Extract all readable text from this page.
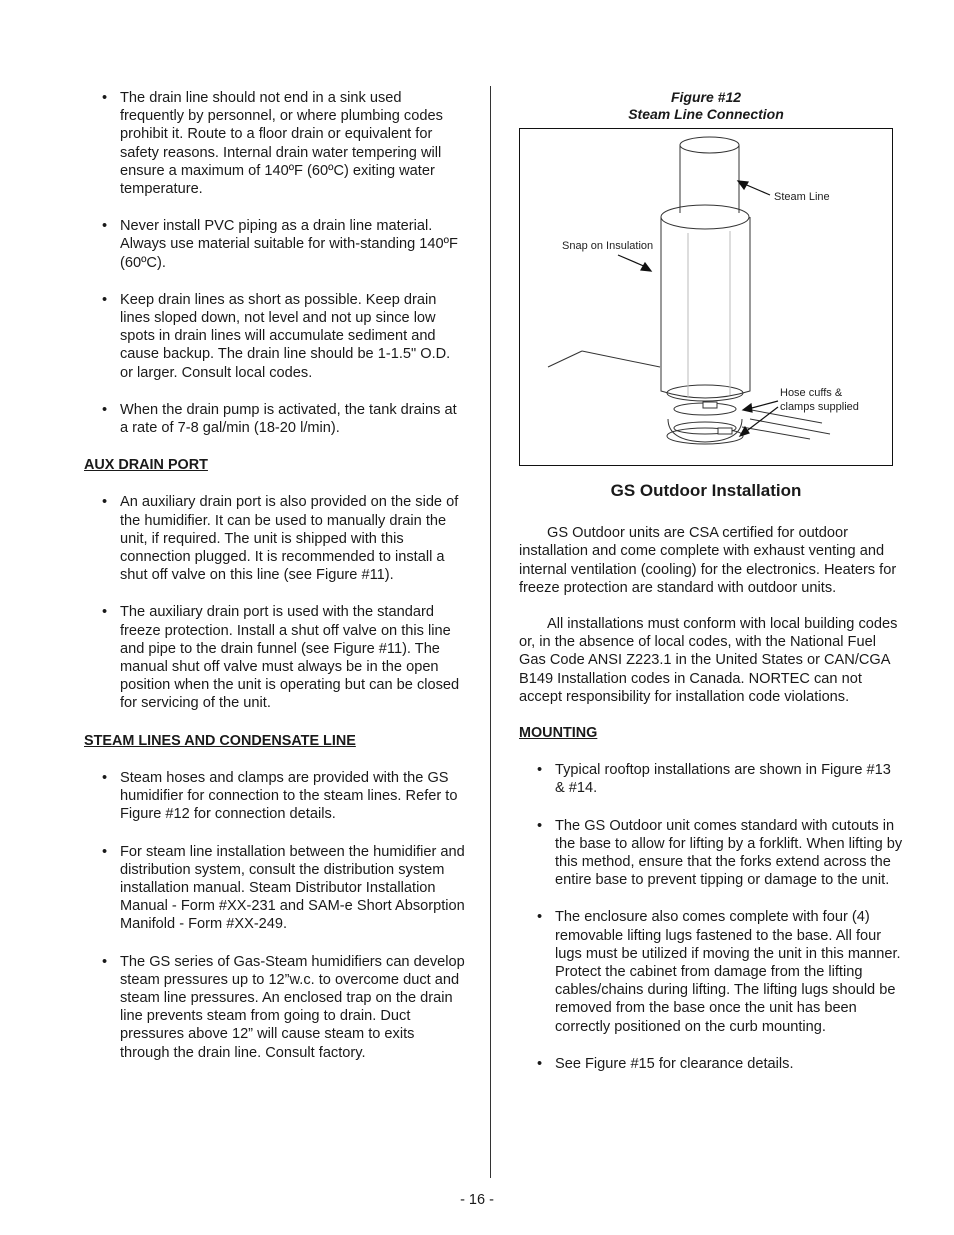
• The drain line should not end in a sink used frequently by personnel, or where plumbing codes prohibit it. Route to a floor drain or equivalent for safety reasons. Internal drain water tempering will ensure a maximum of 140ºF (60ºC) exiting water temperature.
• Never install PVC piping as a drain line material. Always use material suitable for with-standing 140ºF (60ºC).
• Keep drain lines as short as possible. Keep drain lines sloped down, not level and not up since low spots in drain lines will accumulate sediment and cause backup. The drain line should be 1-1.5" O.D. or larger. Consult local codes.
• When the drain pump is activated, the tank drains at a rate of 7-8 gal/min (18-20 l/min).
AUX DRAIN PORT
• An auxiliary drain port is also provided on the side of the humidifier. It can be used to manually drain the unit, if required. The unit is shipped with this connection plugged. It is recommended to install a shut off valve on this line (see Figure #11).
• The auxiliary drain port is used with the standard freeze protection. Install a shut off valve on this line and pipe to the drain funnel (see Figure #11). The manual shut off valve must always be in the open position when the unit is operating but can be closed for servicing of the unit.
STEAM LINES AND CONDENSATE LINE
• Steam hoses and clamps are provided with the GS humidifier for connection to the steam lines. Refer to Figure #12 for connection details.
• For steam line installation between the humidifier and distribution system, consult the distribution system installation manual. Steam Distributor Installation Manual - Form #XX-231 and SAM-e Short Absorption Manifold - Form #XX-249.
• The GS series of Gas-Steam humidifiers can develop steam pressures up to 12”w.c. to overcome duct and steam line pressures. An enclosed trap on the drain line prevents steam from going to drain. Duct pressures above 12” will cause steam to exits through the drain line. Consult factory.
Figure #12
Steam Line Connection
Steam Line
Snap on Insulation
Hose cuffs &
clamps supplied
GS Outdoor Installation

GS Outdoor units are CSA certified for outdoor installation and come complete with exhaust venting and internal ventilation (cooling) for the electronics. Heaters for freeze protection are standard with outdoor units.

All installations must conform with local building codes or, in the absence of local codes, with the National Fuel Gas Code ANSI Z223.1 in the United States or CAN/CGA B149 Installation codes in Canada. NORTEC can not accept responsibility for installation code violations.

MOUNTING
• Typical rooftop installations are shown in Figure #13 & #14.
• The GS Outdoor unit comes standard with cutouts in the base to allow for lifting by a forklift. When lifting by this method, ensure that the forks extend across the entire base to prevent tipping or damage to the unit.
• The enclosure also comes complete with four (4) removable lifting lugs fastened to the base. All four lugs must be utilized if moving the unit in this manner. Protect the cabinet from damage from the lifting cables/chains during lifting. The lifting lugs should be removed from the base once the unit has been correctly positioned on the curb mounting.
• See Figure #15 for clearance details.
- 16 -
